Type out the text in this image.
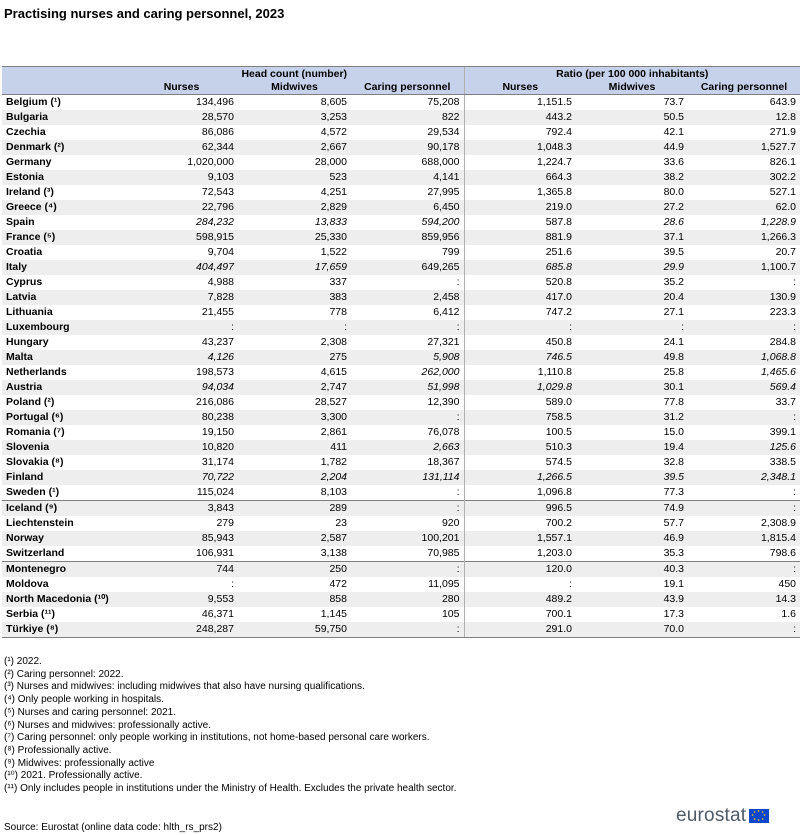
Practising nurses and caring personnel, 2023
	Head count (number)			Ratio (per 100 000 inhabitants)		
	Nurses	Midwives	Caring personnel	Nurses	Midwives	Caring personnel
Belgium (¹)	134,496	8,605	75,208	1,151.5	73.7	643.9
Bulgaria	28,570	3,253	822	443.2	50.5	12.8
Czechia	86,086	4,572	29,534	792.4	42.1	271.9
Denmark (²)	62,344	2,667	90,178	1,048.3	44.9	1,527.7
Germany	1,020,000	28,000	688,000	1,224.7	33.6	826.1
Estonia	9,103	523	4,141	664.3	38.2	302.2
Ireland (³)	72,543	4,251	27,995	1,365.8	80.0	527.1
Greece (⁴)	22,796	2,829	6,450	219.0	27.2	62.0
Spain	284,232	13,833	594,200	587.8	28.6	1,228.9
France (⁵)	598,915	25,330	859,956	881.9	37.1	1,266.3
Croatia	9,704	1,522	799	251.6	39.5	20.7
Italy	404,497	17,659	649,265	685.8	29.9	1,100.7
Cyprus	4,988	337	:	520.8	35.2	:
Latvia	7,828	383	2,458	417.0	20.4	130.9
Lithuania	21,455	778	6,412	747.2	27.1	223.3
Luxembourg	:	:	:	:	:	:
Hungary	43,237	2,308	27,321	450.8	24.1	284.8
Malta	4,126	275	5,908	746.5	49.8	1,068.8
Netherlands	198,573	4,615	262,000	1,110.8	25.8	1,465.6
Austria	94,034	2,747	51,998	1,029.8	30.1	569.4
Poland (²)	216,086	28,527	12,390	589.0	77.8	33.7
Portugal (⁶)	80,238	3,300	:	758.5	31.2	:
Romania (⁷)	19,150	2,861	76,078	100.5	15.0	399.1
Slovenia	10,820	411	2,663	510.3	19.4	125.6
Slovakia (⁸)	31,174	1,782	18,367	574.5	32.8	338.5
Finland	70,722	2,204	131,114	1,266.5	39.5	2,348.1
Sweden (¹)	115,024	8,103	:	1,096.8	77.3	:
Iceland (⁹)	3,843	289	:	996.5	74.9	:
Liechtenstein	279	23	920	700.2	57.7	2,308.9
Norway	85,943	2,587	100,201	1,557.1	46.9	1,815.4
Switzerland	106,931	3,138	70,985	1,203.0	35.3	798.6
Montenegro	744	250	:	120.0	40.3	:
Moldova	:	472	11,095	:	19.1	450
North Macedonia (¹⁰)	9,553	858	280	489.2	43.9	14.3
Serbia (¹¹)	46,371	1,145	105	700.1	17.3	1.6
Türkiye (⁸)	248,287	59,750	:	291.0	70.0	:
(¹) 2022.
(²) Caring personnel: 2022.
(³) Nurses and midwives: including midwives that also have nursing qualifications.
(⁴) Only people working in hospitals.
(⁵) Nurses and caring personnel: 2021.
(⁶) Nurses and midwives: professionally active.
(⁷) Caring personnel: only people working in institutions, not home-based personal care workers.
(⁸) Professionally active.
(⁹) Midwives: professionally active
(¹⁰) 2021. Professionally active.
(¹¹) Only includes people in institutions under the Ministry of Health. Excludes the private health sector.
Source: Eurostat (online data code: hlth_rs_prs2)
eurostat	★ ★
★
★
★
★
★
★
